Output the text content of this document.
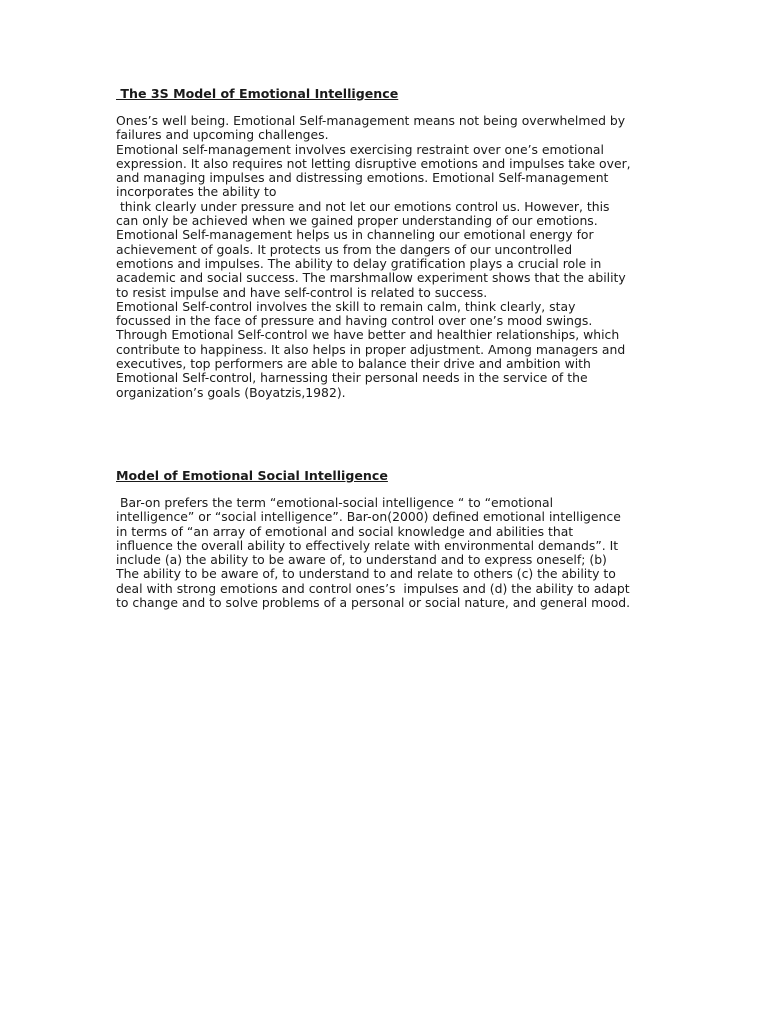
The 3S Model of Emotional Intelligence

Ones’s well being. Emotional Self-management means not being overwhelmed by

failures and upcoming challenges.

Emotional self-management involves exercising restraint over one’s emotional

expression. It also requires not letting disruptive emotions and impulses take over,

and managing impulses and distressing emotions. Emotional Self-management

incorporates the ability to

think clearly under pressure and not let our emotions control us. However, this

can only be achieved when we gained proper understanding of our emotions.

Emotional Self-management helps us in channeling our emotional energy for

achievement of goals. It protects us from the dangers of our uncontrolled

emotions and impulses. The ability to delay gratification plays a crucial role in

academic and social success. The marshmallow experiment shows that the ability

to resist impulse and have self-control is related to success.

Emotional Self-control involves the skill to remain calm, think clearly, stay

focussed in the face of pressure and having control over one’s mood swings.

Through Emotional Self-control we have better and healthier relationships, which

contribute to happiness. It also helps in proper adjustment. Among managers and

executives, top performers are able to balance their drive and ambition with

Emotional Self-control, harnessing their personal needs in the service of the

organization’s goals (Boyatzis,1982).

Model of Emotional Social Intelligence

Bar-on prefers the term “emotional-social intelligence “ to “emotional

intelligence” or “social intelligence”. Bar-on(2000) defined emotional intelligence

in terms of “an array of emotional and social knowledge and abilities that

influence the overall ability to effectively relate with environmental demands”. It

include (a) the ability to be aware of, to understand and to express oneself; (b)

The ability to be aware of, to understand to and relate to others (c) the ability to

deal with strong emotions and control ones’s  impulses and (d) the ability to adapt

to change and to solve problems of a personal or social nature, and general mood.
